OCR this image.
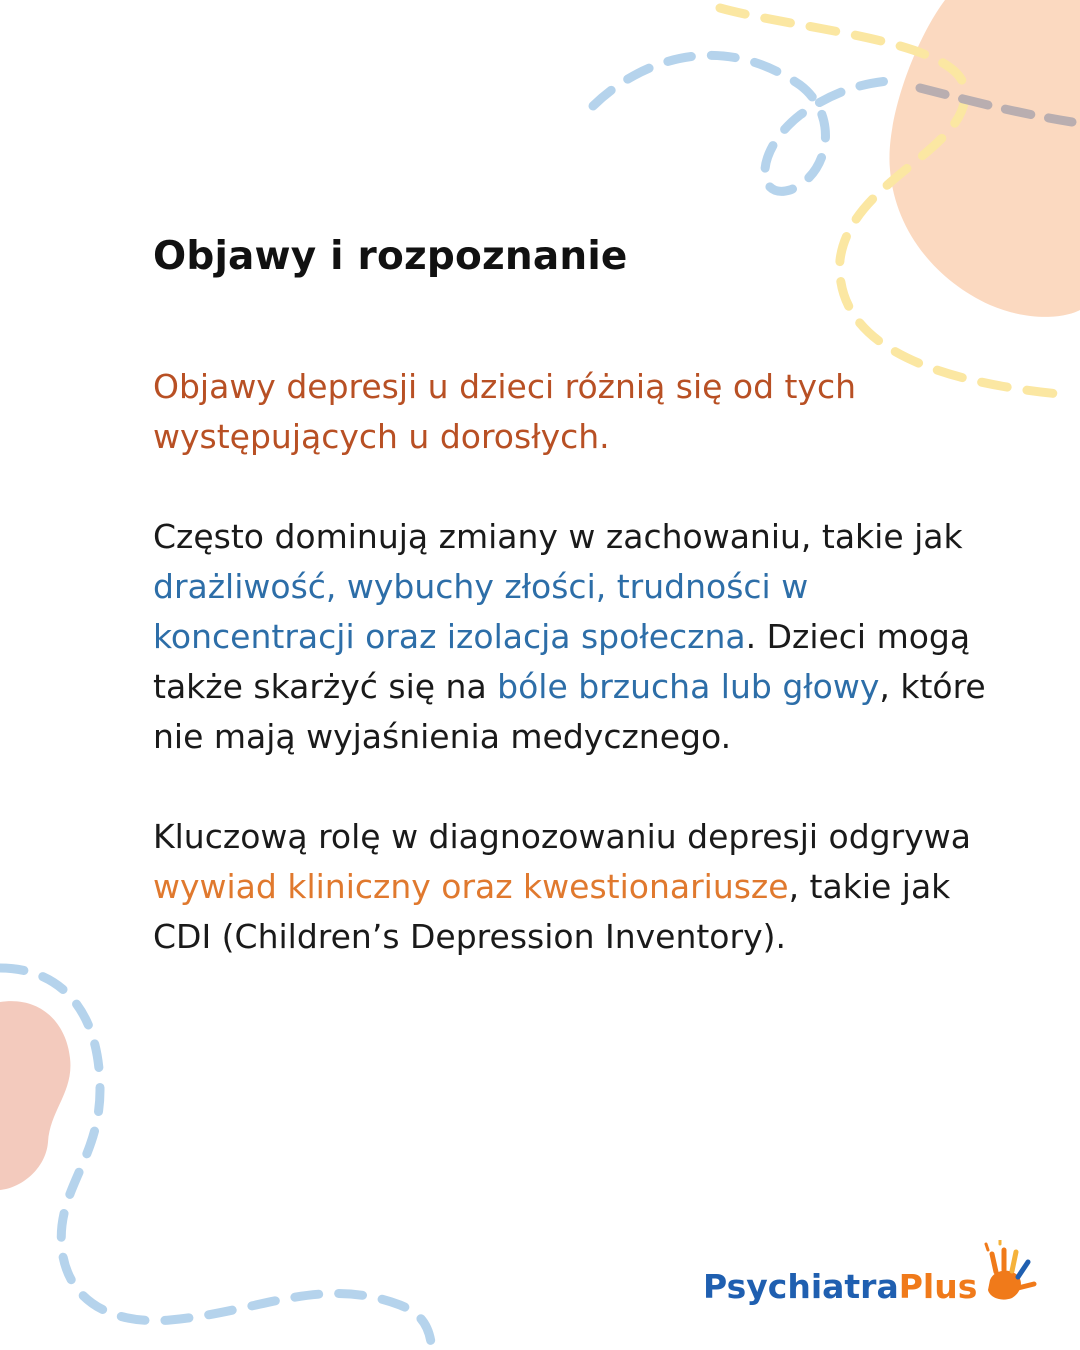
Objawy i rozpoznanie

Objawy depresji u dzieci różnią się od tych występujących u dorosłych.

Często dominują zmiany w zachowaniu, takie jak drażliwość, wybuchy złości, trudności w koncentracji oraz izolacja społeczna. Dzieci mogą także skarżyć się na bóle brzucha lub głowy, które nie mają wyjaśnienia medycznego.

Kluczową rolę w diagnozowaniu depresji odgrywa wywiad kliniczny oraz kwestionariusze, takie jak CDI (Children’s Depression Inventory).

PsychiatraPlus
